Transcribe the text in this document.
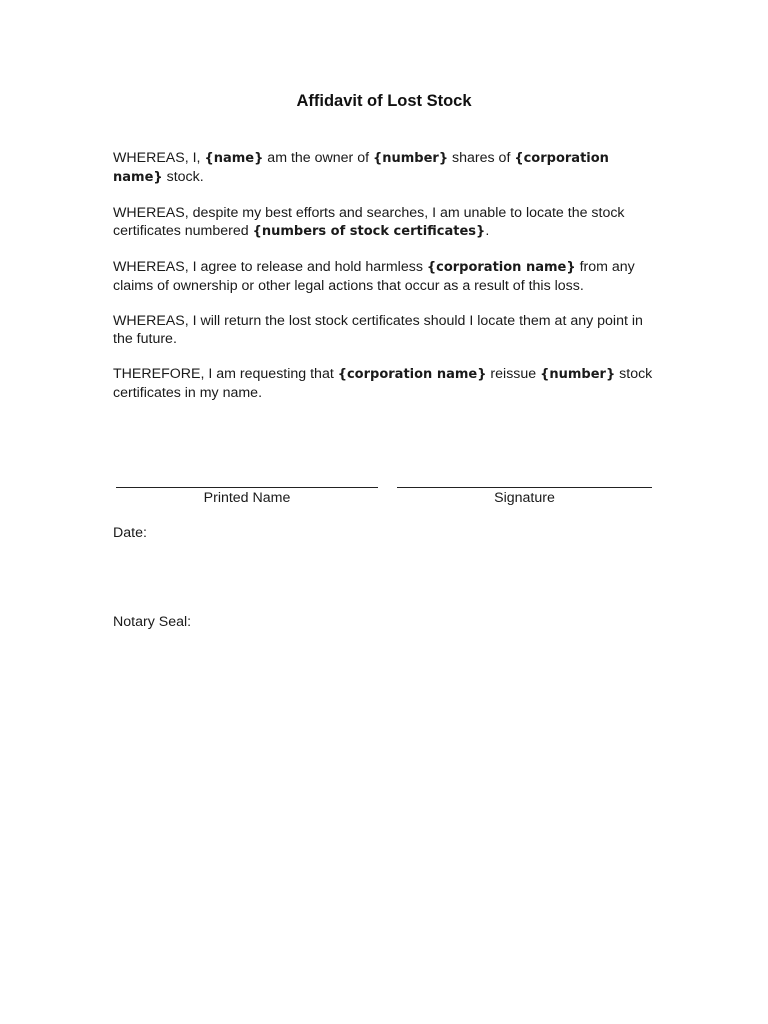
Affidavit of Lost Stock

WHEREAS, I, {name} am the owner of {number} shares of {corporation name} stock.

WHEREAS, despite my best efforts and searches, I am unable to locate the stock certificates numbered {numbers of stock certificates}.

WHEREAS, I agree to release and hold harmless {corporation name} from any claims of ownership or other legal actions that occur as a result of this loss.

WHEREAS, I will return the lost stock certificates should I locate them at any point in the future.

THEREFORE, I am requesting that {corporation name} reissue {number} stock certificates in my name.

Printed Name	Signature
Date:
Notary Seal:
